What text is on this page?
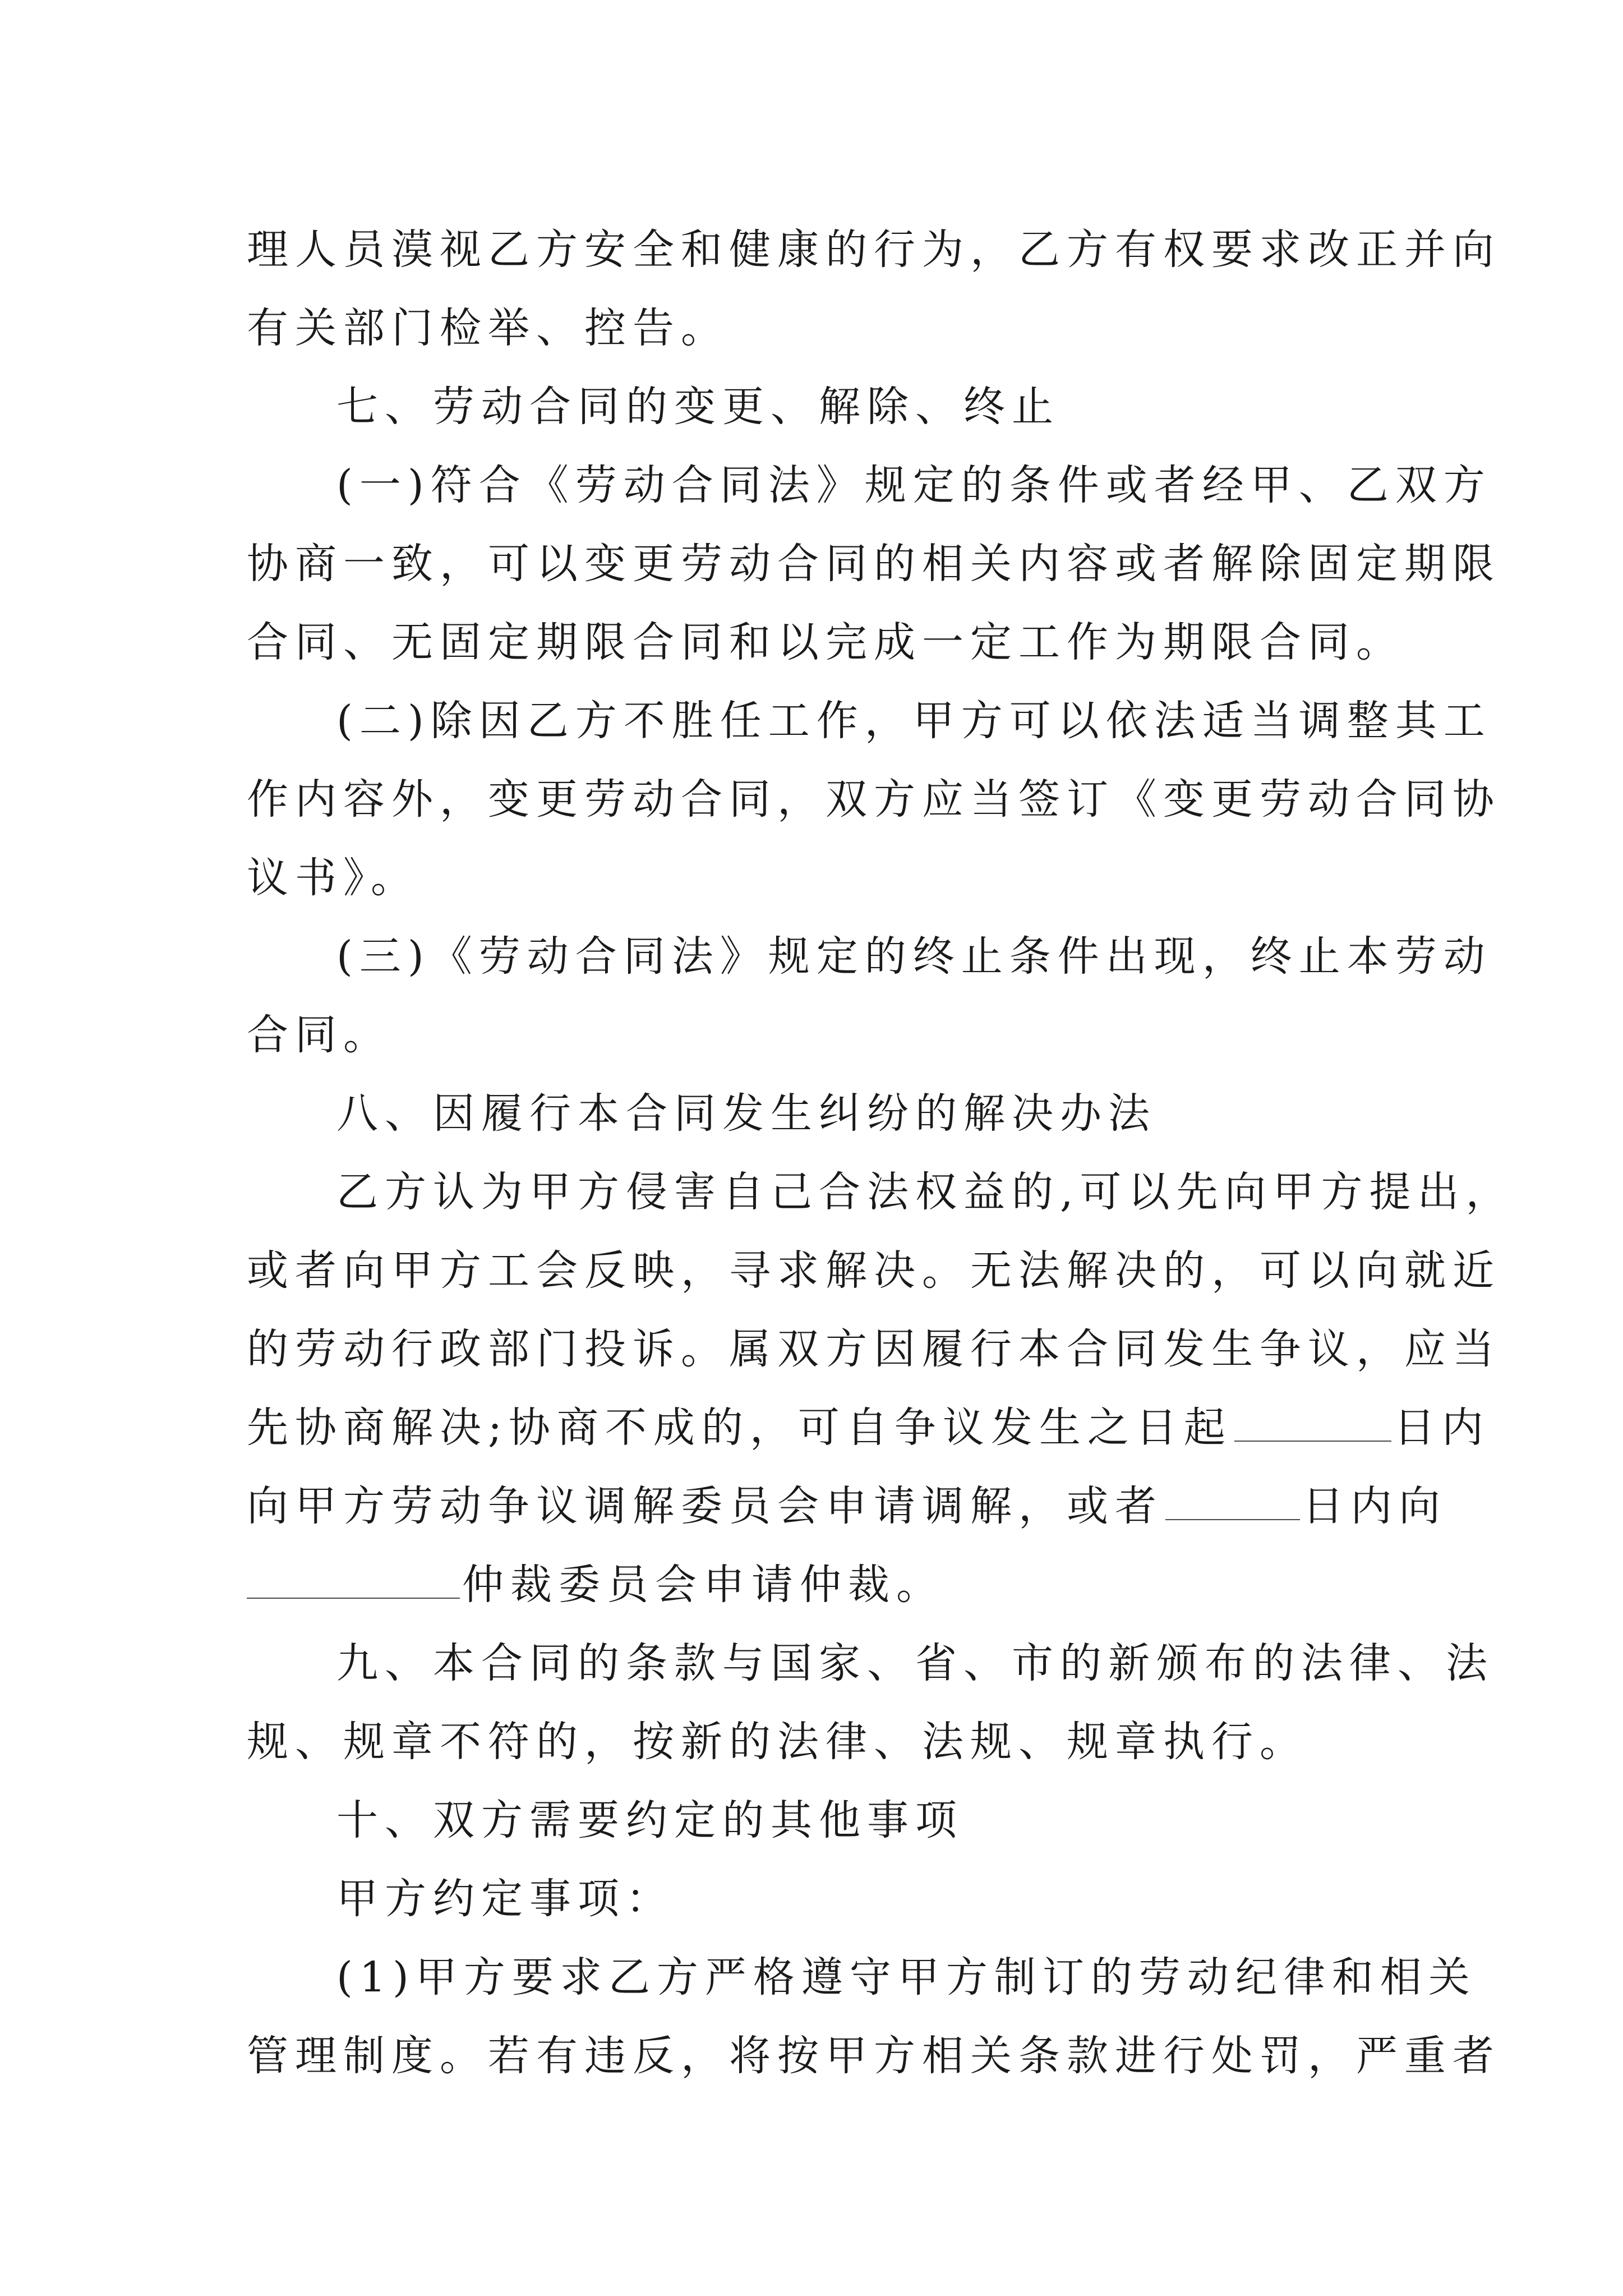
理人员漠视乙方安全和健康的行为，乙方有权要求改正并向
有关部门检举、控告。
七、劳动合同的变更、解除、终止
(一)符合《劳动合同法》规定的条件或者经甲、乙双方
协商一致，可以变更劳动合同的相关内容或者解除固定期限
合同、无固定期限合同和以完成一定工作为期限合同。
(二)除因乙方不胜任工作，甲方可以依法适当调整其工
作内容外，变更劳动合同，双方应当签订《变更劳动合同协
议书》。
(三)《劳动合同法》规定的终止条件出现，终止本劳动
合同。
八、因履行本合同发生纠纷的解决办法
乙方认为甲方侵害自己合法权益的,可以先向甲方提出，
或者向甲方工会反映，寻求解决。无法解决的，可以向就近
的劳动行政部门投诉。属双方因履行本合同发生争议，应当
先协商解决;协商不成的，可自争议发生之日起	日内
向甲方劳动争议调解委员会申请调解，或者	日内向
仲裁委员会申请仲裁。
九、本合同的条款与国家、省、市的新颁布的法律、法
规、规章不符的，按新的法律、法规、规章执行。
十、双方需要约定的其他事项
甲方约定事项：
(1)甲方要求乙方严格遵守甲方制订的劳动纪律和相关
管理制度。若有违反，将按甲方相关条款进行处罚，严重者
